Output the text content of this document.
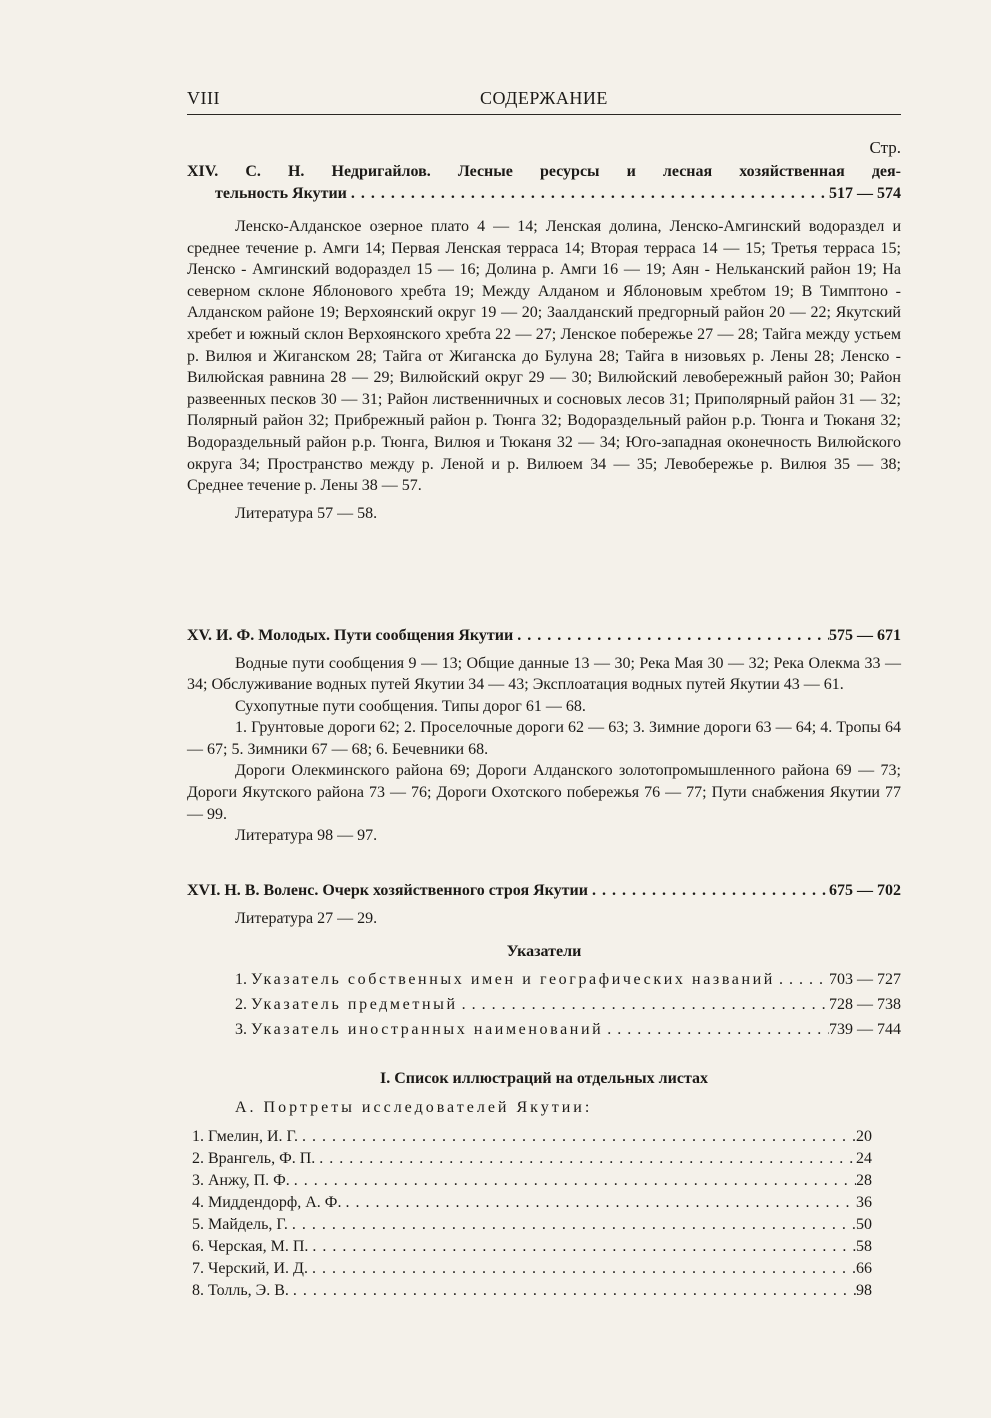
VIII	СОДЕРЖАНИЕ
Стр.
XIV. С. Н. Недригайлов. Лесные ресурсы и лесная хозяйственная дея-
тельность Якутии . . .	517 — 574

Ленско-Алданское озерное плато 4 — 14; Ленская долина, Ленско-Амгинский водораздел и среднее течение р. Амги 14; Первая Ленская терраса 14; Вторая терраса 14 — 15; Третья терраса 15; Ленско - Амгинский водораздел 15 — 16; Долина р. Амги 16 — 19; Аян - Нельканский район 19; На северном склоне Яблонового хребта 19; Между Алданом и Яблоновым хребтом 19; В Тимптоно - Алданском районе 19; Верхоянский округ 19 — 20; Заалданский предгорный район 20 — 22; Якутский хребет и южный склон Верхоянского хребта 22 — 27; Ленское побережье 27 — 28; Тайга между устьем р. Вилюя и Жиганском 28; Тайга от Жиганска до Булуна 28; Тайга в низовьях р. Лены 28; Ленско - Вилюйская равнина 28 — 29; Вилюйский округ 29 — 30; Вилюйский левобережный район 30; Район развеенных песков 30 — 31; Район лиственничных и сосновых лесов 31; Приполярный район 31 — 32; Полярный район 32; Прибрежный район р. Тюнга 32; Водораздельный район р.р. Тюнга и Тюканя 32; Водораздельный район р.р. Тюнга, Вилюя и Тюканя 32 — 34; Юго-западная оконечность Вилюйского округа 34; Пространство между р. Леной и р. Вилюем 34 — 35; Левобережье р. Вилюя 35 — 38; Среднее течение р. Лены 38 — 57.

Литература 57 — 58.
XV. И. Ф. Молодых. Пути сообщения Якутии . . .	575 — 671

Водные пути сообщения 9 — 13; Общие данные 13 — 30; Река Мая 30 — 32; Река Олекма 33 — 34; Обслуживание водных путей Якутии 34 — 43; Эксплоатация водных путей Якутии 43 — 61.

Сухопутные пути сообщения. Типы дорог 61 — 68.

1. Грунтовые дороги 62; 2. Проселочные дороги 62 — 63; 3. Зимние дороги 63 — 64; 4. Тропы 64 — 67; 5. Зимники 67 — 68; 6. Бечевники 68.

Дороги Олекминского района 69; Дороги Алданского золотопромышленного района 69 — 73; Дороги Якутского района 73 — 76; Дороги Охотского побережья 76 — 77; Пути снабжения Якутии 77 — 99.

Литература 98 — 97.
XVI. Н. В. Воленс. Очерк хозяйственного строя Якутии . . .	675 — 702
Литература 27 — 29.
Указатели
1.
Указатель собственных имен и географических названий . . .	703 — 727
2.
Указатель предметный . . .	728 — 738
3.
Указатель иностранных наименований . . .	739 — 744
I. Список иллюстраций на отдельных листах
А. Портреты исследователей Якутии:
1. Гмелин, И. Г. . . .	20
2. Врангель, Ф. П. . . .	24
3. Анжу, П. Ф. . . .	28
4. Миддендорф, А. Ф. . . .	36
5. Майдель, Г. . . .	50
6. Черская, М. П. . . .	58
7. Черский, И. Д. . . .	66
8. Толль, Э. В. . . .	98
